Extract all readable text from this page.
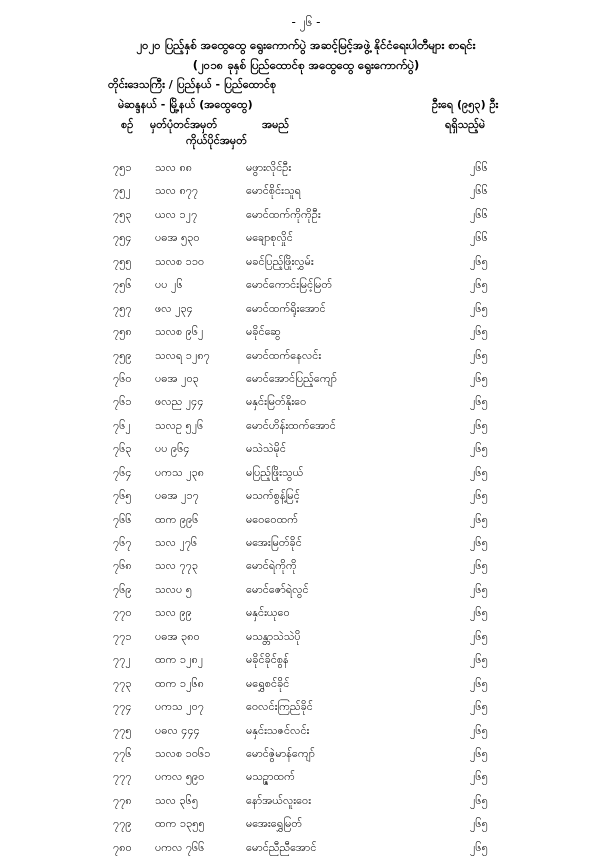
- ၂၆ -
၂၀၂၀ ပြည့်နှစ် အထွေထွေ ရွေးကောက်ပွဲ အဆင့်မြင့်အဖွဲ့ နိုင်ငံရေးပါတီများ စာရင်း
(၂၀၁၈ ခုနှစ် ပြည်ထောင်စု အထွေထွေ ရွေးကောက်ပွဲ)
တိုင်းဒေသကြီး / ပြည်နယ် - ပြည်ထောင်စု
မဲဆန္ဒနယ် - မြို့နယ် (အထွေထွေ)	ဦးရေ (၉၅၃) ဦး
စဉ် မှတ်ပုံတင်အမှတ်	အမည်	ရရှိသည့်မဲ
ကိုယ်ပိုင်အမှတ်
၇၅၁ သလ ၈၈	မဖွားလိုင်ဦး	၂၆၆
၇၅၂ သလ ၈၇၇	မောင်စိုင်းသူရ	၂၆၆
၇၅၃ ယလ ၁၂၇	မောင်ထက်ကိုကိုဦး	၂၆၆
၇၅၄ ပဓအ ၅၃၀	မချောစုလှိုင်	၂၆၆
၇၅၅ သလစ ၁၁၀	မခင်ပြည့်ဖြိုးလွှမ်း	၂၆၅
၇၅၆ ပပ ၂၆	မောင်ကောင်းမြင့်မြတ်	၂၆၅
၇၅၇ ဖလ ၂၃၄	မောင်ထက်ရိုးအောင်	၂၆၅
၇၅၈ သလစ ၉၆၂	မခိုင်ဆွေ	၂၆၅
၇၅၉ သလရ ၁၂၈၇	မောင်ထက်နေလင်း	၂၆၅
၇၆၀ ပဓအ ၂၀၃	မောင်အောင်ပြည့်ကျော်	၂၆၅
၇၆၁ ဖလည ၂၄၄	မနှင်းမြတ်နိုးဝေ	၂၆၅
၇၆၂ သလဥ ၅၂၆	မောင်ဟိန်းထက်အောင်	၂၆၅
၇၆၃ ပပ ၉၆၄	မသဲသဲမိုင်	၂၆၅
၇၆၄ ပကသ ၂၃၈	မပြည့်ဖြိုးသွယ်	၂၆၅
၇၆၅ ပဓအ ၂၁၇	မသက်စွန့်မြင့်	၂၆၅
၇၆၆ ထက ၉၉၆	မဝေဝေထက်	၂၆၅
၇၆၇ သလ ၂၇၆	မအေးမြတ်ခိုင်	၂၆၅
၇၆၈ သလ ၇၇၃	မောင်ရဲကိုကို	၂၆၅
၇၆၉ သလပ ၅	မောင်ဇော်ရဲလွင်	၂၆၅
၇၇၀ သလ ၉၉	မနှင်းယုဝေ	၂၆၅
၇၇၁ ပဓအ ၃၈၀	မသန္တာသဲသဲပို	၂၆၅
၇၇၂ ထက ၁၂၈၂	မခိုင်ခိုင်စွန်	၂၆၅
၇၇၃ ထက ၁၂၆၈	မရွှေစင်ခိုင်	၂၆၅
၇၇၄ ပကသ ၂၀၇	ဝေလင်းကြည်ခိုင်	၂၆၅
၇၇၅ ပဓလ ၄၄၄	မနှင်းသဇင်လင်း	၂၆၅
၇၇၆ သလစ ၁၀၆၁	မောင်ဇွဲမာန်ကျော်	၂၆၅
၇၇၇ ပကလ ၅၉၀	မသဉ္ဇာထက်	၂၆၅
၇၇၈ သလ ၃၆၅	နော်အယ်လူးဝေး	၂၆၅
၇၇၉ ထက ၁၃၅၅	မအေးရွှေမြတ်	၂၆၅
၇၈၀ ပကလ ၇၆၆	မောင်ညီညီအောင်	၂၆၅
